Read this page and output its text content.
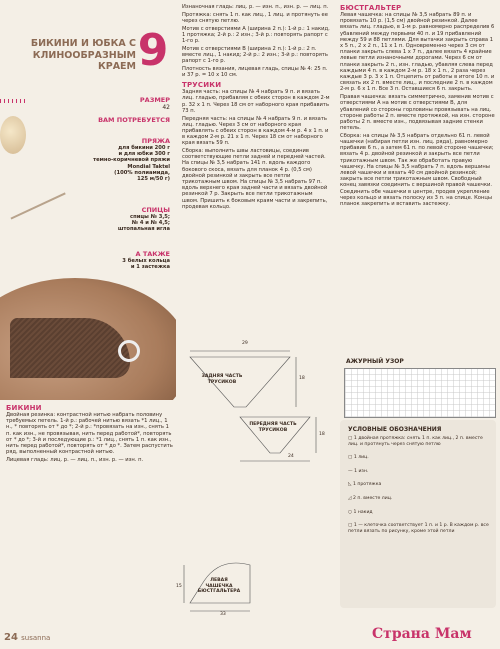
БИКИНИ И ЮБКА С
КЛИНООБРАЗНЫМ
КРАЕМ 9
РАЗМЕР
42
ВАМ ПОТРЕБУЕТСЯ
ПРЯЖА
для бикини 200 г
и для юбки 300 г
темно-коричневой пряжи
Mondial Taktel
(100% полиамида,
125 м/50 г)
СПИЦЫ
спицы № 3,5;
№ 4 и № 4,5;
штопальная игла
А ТАКЖЕ
3 белых кольца
и 1 застежка
БИКИНИ

Двойная резинка: контрастной нитью набрать половину требуемых петель. 1-й р.: рабочей нитью вязать *1 лиц., 1 н., * повторять от * до *; 2-й р.: *провязать на изн., снять 1 п. как изн., не провязывая, нить перед работой*, повторять от * до *; 3-й и последующие р.: *1 лиц., снять 1 п. как изн., нить перед работой*, повторять от * до *. Затем распустить ряд, выполненный контрастной нитью.

Лицевая гладь: лиц. р. — лиц. п., изн. р. — изн. п.

24 susanna

Изнаночная гладь: лиц. р. — изн. п., изн. р. — лиц. п.

Протяжка: снять 1 п. как лиц., 1 лиц. и протянуть ее через снятую петлю.

Мотив с отверстиями А (ширина 2 п.): 1-й р.: 1 накид, 1 протяжка; 2-й р.: 2 изн.; 3-й р.: повторять рапорт с 1-го р.

Мотив с отверстиями В (ширина 2 п.): 1-й р.: 2 п. вместе лиц., 1 накид; 2-й р.: 2 изн.; 3-й р.: повторять рапорт с 1-го р.

Плотность вязания, лицевая гладь, спицы № 4: 25 п. и 37 р. = 10 х 10 см.

ТРУСИКИ

Задняя часть: на спицы № 4 набрать 9 п. и вязать лиц. гладью, прибавляя с обеих сторон в каждом 2-м р. 32 х 1 п. Через 18 см от наборного края прибавить 73 п.

Передняя часть: на спицы № 4 набрать 9 п. и вязать лиц. гладью. Через 3 см от наборного края прибавлять с обеих сторон в каждом 4-м р. 4 х 1 п. и в каждом 2-м р. 21 х 1 п. Через 18 см от наборного края вязать 59 п.

Сборка: выполнить швы ластовицы, соединив соответствующие петли задней и передней частей. На спицы № 3,5 набрать 141 п. вдоль каждого бокового скоса, вязать для планок 4 р. (0,5 см) двойной резинкой и закрыть все петли трикотажным швом. На спицы № 3,5 набрать 97 п. вдоль верхнего края задней части и вязать двойной резинкой 7 р. Закрыть все петли трикотажным швом. Пришить к боковым краям части и закрепить, продевая кольцо.

ЗАДНЯЯ ЧАСТЬ ТРУСИКОВ
ПЕРЕДНЯЯ ЧАСТЬ ТРУСИКОВ
ЛЕВАЯ ЧАШЕЧКА БЮСТГАЛЬТЕРА
29
18
24
18
15
33
БЮСТГАЛЬТЕР

Левая чашечка: на спицы № 3,5 набрать 89 п. и провязать 10 р. (1,5 см) двойной резинкой. Далее вязать лиц. гладью, в 1-м р. равномерно распределив 6 убавлений между первыми 40 п. и 19 прибавлений между 59 и 88 петлями. Для вытачки закрыть справа 1 х 5 п., 2 х 2 п., 11 х 1 п. Одновременно через 3 см от планки закрыть слева 1 х 7 п., далее вязать 4 крайние левые петли изнаночными дорогами. Через 6 см от планки закрыть 2 п., изн. гладью, убавляя слева перед каждыми 4 п. в каждом 2-м р. 18 х 1 п., 2 раза через каждые 3 р. 3 х 1 п. Отцепить от работы в итоге 10 п. и связать их 2 п. вместе лиц., и последние 2 п. в каждом 2-м р. 6 х 1 п. Все 3 п. Оставшиеся 6 п. закрыть.

Правая чашечка: вязать симметрично, заменив мотив с отверстиями А на мотив с отверстиями В, для убавлений со стороны горловины провязывать на лиц. стороне работы 2 п. вместе протяжкой, на изн. стороне работы 2 п. вместе изн., подвязывая задние стенки петель.

Сборка: на спицы № 3,5 набрать отдельно 61 п. левой чашечки (набирая петли изн. лиц. ряда), равномерно прибавив 6 п., а затем 61 п. по левой стороне чашечки; вязать 4 р. двойной резинкой и закрыть все петли трикотажным швом. Так же обработать правую чашечку. На спицы № 3,5 набрать 7 п. вдоль вершины левой чашечки и вязать 40 см двойной резинкой; закрыть все петли трикотажным швом. Свободный конец завязки соединить с вершиной правой чашечки. Соединить обе чашечки в центре, продев укрепление через кольцо и вязать полоску из 3 п. на спице. Концы планок закрепить и вставить застежку.

АЖУРНЫЙ УЗОР
УСЛОВНЫЕ ОБОЗНАЧЕНИЯ

▢ 1 двойная протяжка: снять 1 п. как лиц., 2 п. вместе лиц. и протянуть через снятую петлю

▢ 1 лиц.

— 1 изн.

◺ 1 протяжка

◿ 2 п. вместе лиц.

○ 1 накид

▢ 1 — клеточка соответствует 1 п. и 1 р. В каждом р. все петли вязать по рисунку, кроме этой петли

Страна Мам
